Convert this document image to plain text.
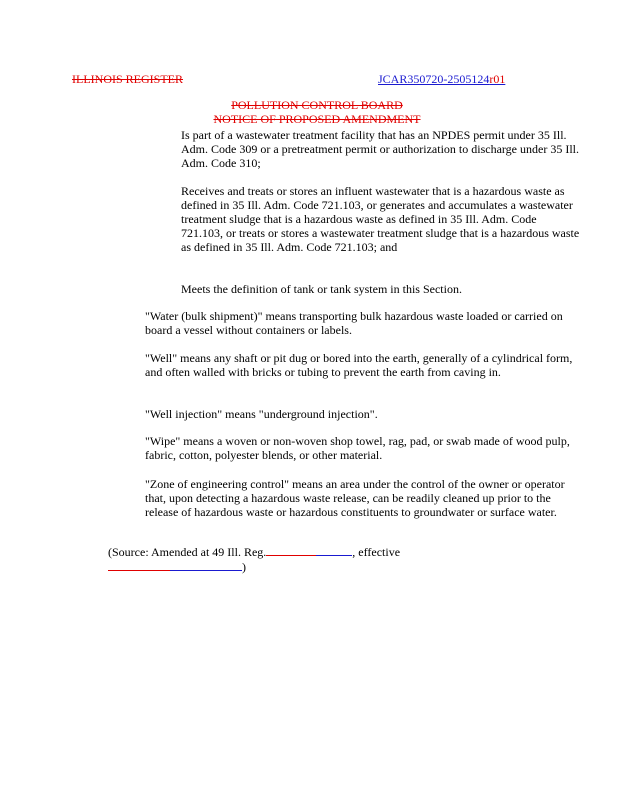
ILLINOIS REGISTER	JCAR350720-2505124r01
POLLUTION CONTROL BOARD
NOTICE OF PROPOSED AMENDMENT

Is part of a wastewater treatment facility that has an NPDES permit under 35 Ill. Adm. Code 309 or a pretreatment permit or authorization to discharge under 35 Ill. Adm. Code 310;

Receives and treats or stores an influent wastewater that is a hazardous waste as defined in 35 Ill. Adm. Code 721.103, or generates and accumulates a wastewater treatment sludge that is a hazardous waste as defined in 35 Ill. Adm. Code 721.103, or treats or stores a wastewater treatment sludge that is a hazardous waste as defined in 35 Ill. Adm. Code 721.103; and

Meets the definition of tank or tank system in this Section.

"Water (bulk shipment)" means transporting bulk hazardous waste loaded or carried on board a vessel without containers or labels.

"Well" means any shaft or pit dug or bored into the earth, generally of a cylindrical form, and often walled with bricks or tubing to prevent the earth from caving in.

"Well injection" means "underground injection".

"Wipe" means a woven or non-woven shop towel, rag, pad, or swab made of wood pulp, fabric, cotton, polyester blends, or other material.

"Zone of engineering control" means an area under the control of the owner or operator that, upon detecting a hazardous waste release, can be readily cleaned up prior to the release of hazardous waste or hazardous constituents to groundwater or surface water.

(Source: Amended at 49 Ill. Reg.	, effective
)
